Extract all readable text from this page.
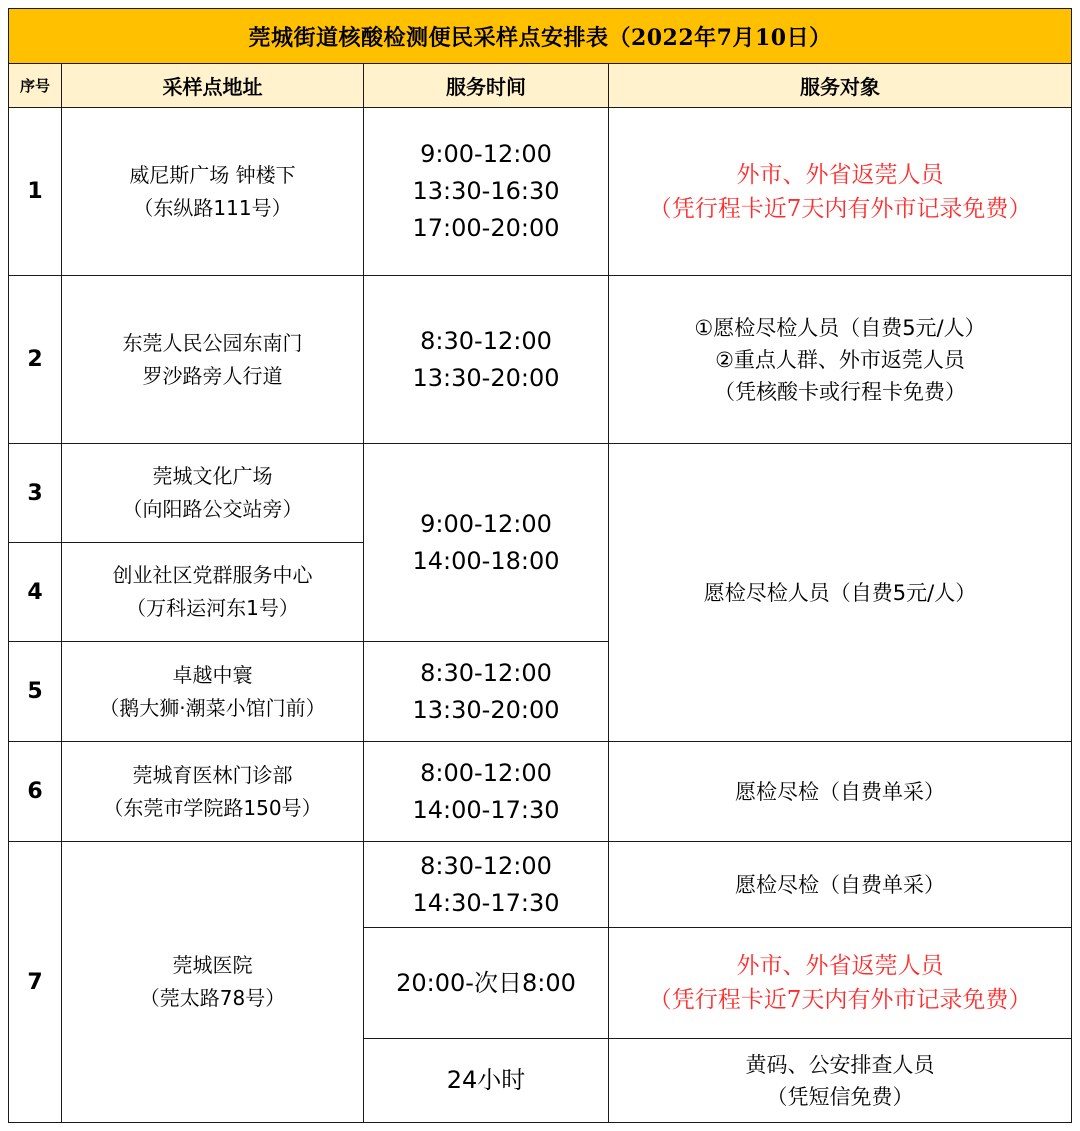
莞城街道核酸检测便民采样点安排表（2022年7月10日）			
序号	采样点地址	服务时间	服务对象
1	威尼斯广场 钟楼下
（东纵路111号）	9:00-12:00
13:30-16:30
17:00-20:00	外市、外省返莞人员
（凭行程卡近7天内有外市记录免费）

2	东莞人民公园东南门
罗沙路旁人行道	8:30-12:00
13:30-20:00	①愿检尽检人员（自费5元/人）
②重点人群、外市返莞人员
（凭核酸卡或行程卡免费）

3	莞城文化广场
（向阳路公交站旁）	9:00-12:00
14:00-18:00	愿检尽检人员（自费5元/人）

4	创业社区党群服务中心
（万科运河东1号）		

5	卓越中寰
（鹅大狮·潮菜小馆门前）	8:30-12:00
13:30-20:00	

6	莞城育医林门诊部
（东莞市学院路150号）	8:00-12:00
14:00-17:30	愿检尽检（自费单采）

7	莞城医院
（莞太路78号）	8:30-12:00
14:30-17:30	愿检尽检（自费单采）

		20:00-次日8:00	外市、外省返莞人员
（凭行程卡近7天内有外市记录免费）

		24小时	黄码、公安排查人员
（凭短信免费）
